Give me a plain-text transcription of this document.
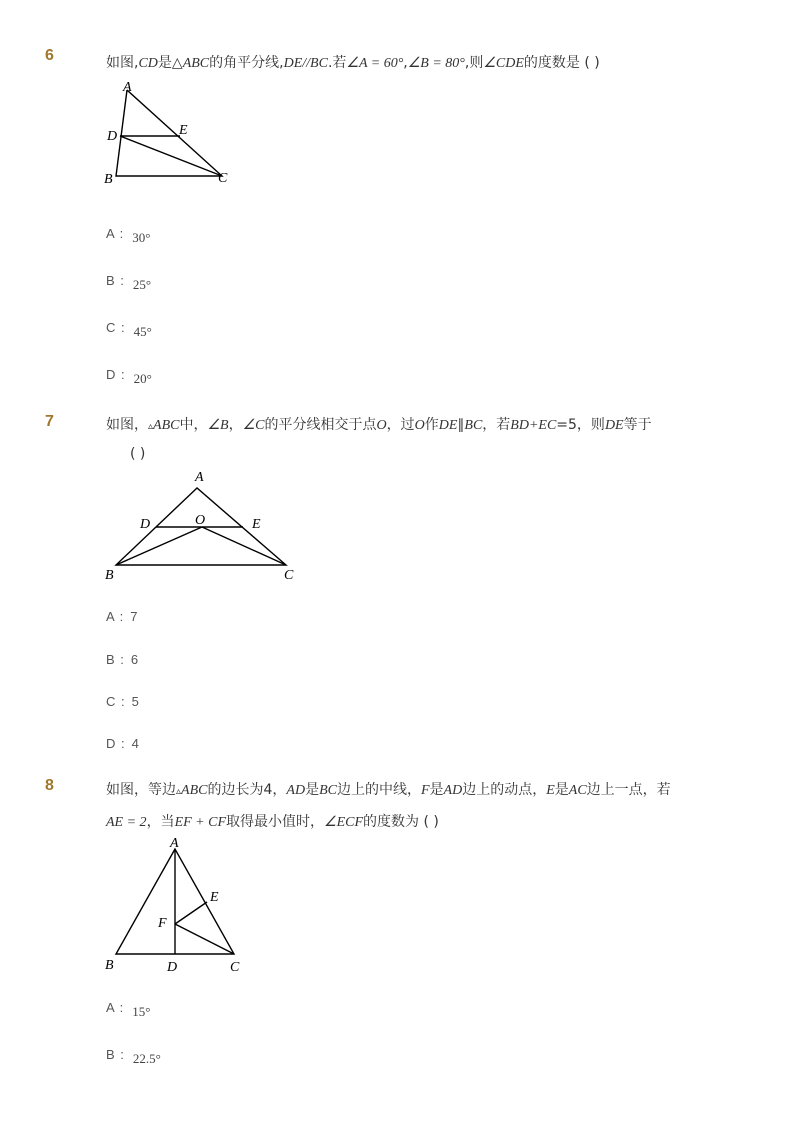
6	如图,CD是△ABC的角平分线,DE//BC.若∠A = 60°,∠B = 80°,则∠CDE的度数是 ( )
A
D	E
B	C
A : 30°
B : 25°
C : 45°
D : 20°
7	如图，▵ABC中，∠B，∠C的平分线相交于点O，过O作DE∥BC，若BD+EC=5，则DE等于
( )
A
D	O	E
B	C
A : 7
B : 6
C : 5
D : 4
8	如图，等边▵ABC的边长为4，AD是BC边上的中线，F是AD边上的动点，E是AC边上一点，若
AE = 2，当EF + CF取得最小值时，∠ECF的度数为 ( )
A
E
F
B	D	C
A : 15°
B : 22.5°
